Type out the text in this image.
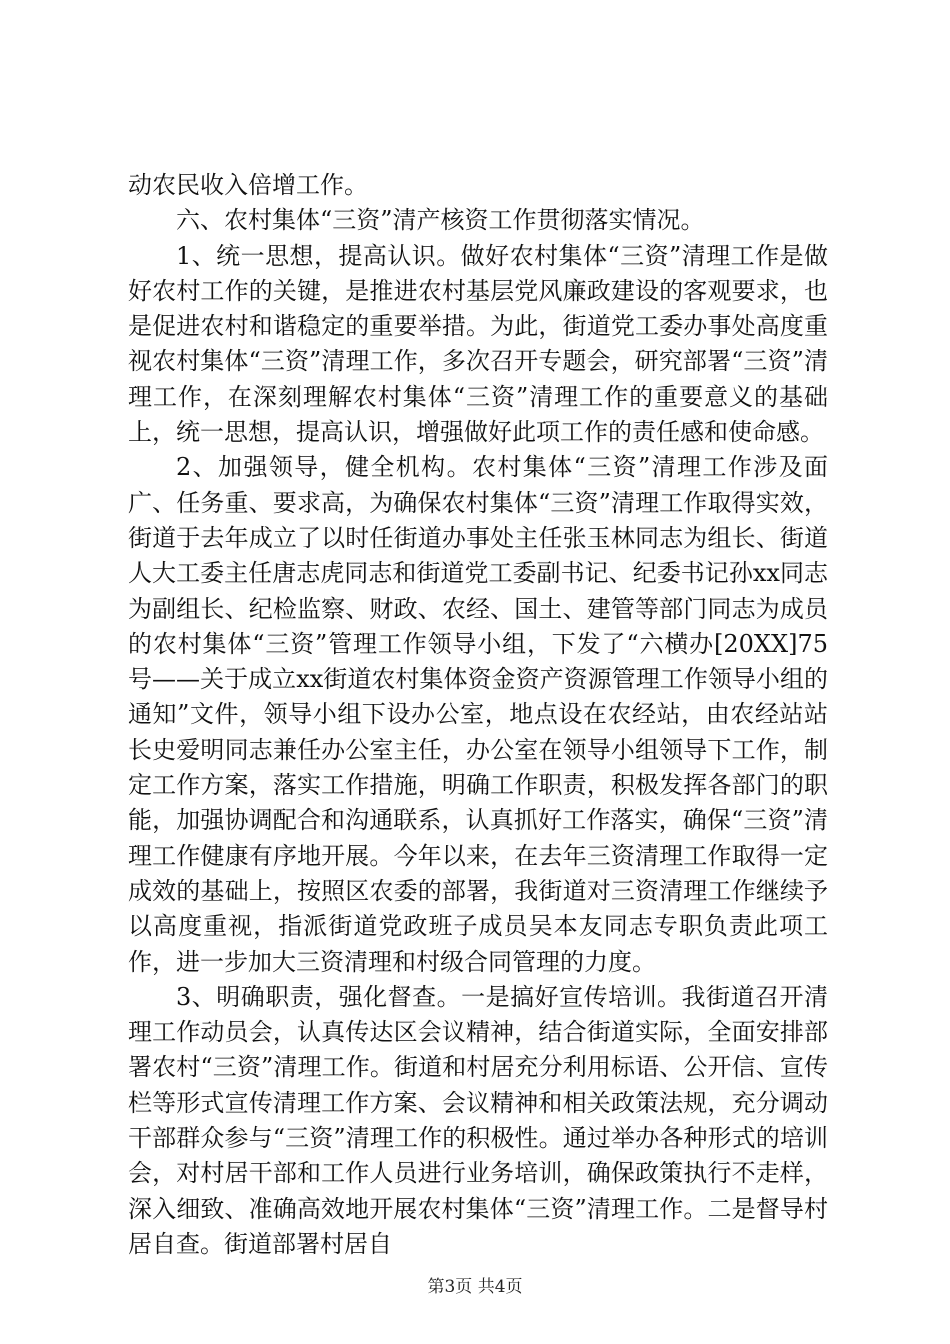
动农民收入倍增工作。

六、农村集体“三资”清产核资工作贯彻落实情况。

1、统一思想，提高认识。做好农村集体“三资”清理工作是做好农村工作的关键，是推进农村基层党风廉政建设的客观要求，也是促进农村和谐稳定的重要举措。为此，街道党工委办事处高度重视农村集体“三资”清理工作，多次召开专题会，研究部署“三资”清理工作，在深刻理解农村集体“三资”清理工作的重要意义的基础上，统一思想，提高认识，增强做好此项工作的责任感和使命感。

2、加强领导，健全机构。农村集体“三资”清理工作涉及面广、任务重、要求高，为确保农村集体“三资”清理工作取得实效，街道于去年成立了以时任街道办事处主任张玉林同志为组长、街道人大工委主任唐志虎同志和街道党工委副书记、纪委书记孙xx同志为副组长、纪检监察、财政、农经、国土、建管等部门同志为成员的农村集体“三资”管理工作领导小组，下发了“六横办[20XX]75号——关于成立xx街道农村集体资金资产资源管理工作领导小组的通知”文件，领导小组下设办公室，地点设在农经站，由农经站站长史爱明同志兼任办公室主任，办公室在领导小组领导下工作，制定工作方案，落实工作措施，明确工作职责，积极发挥各部门的职能，加强协调配合和沟通联系，认真抓好工作落实，确保“三资”清理工作健康有序地开展。今年以来，在去年三资清理工作取得一定成效的基础上，按照区农委的部署，我街道对三资清理工作继续予以高度重视，指派街道党政班子成员吴本友同志专职负责此项工作，进一步加大三资清理和村级合同管理的力度。

3、明确职责，强化督查。一是搞好宣传培训。我街道召开清理工作动员会，认真传达区会议精神，结合街道实际，全面安排部署农村“三资”清理工作。街道和村居充分利用标语、公开信、宣传栏等形式宣传清理工作方案、会议精神和相关政策法规，充分调动干部群众参与“三资”清理工作的积极性。通过举办各种形式的培训会，对村居干部和工作人员进行业务培训，确保政策执行不走样，深入细致、准确高效地开展农村集体“三资”清理工作。二是督导村居自查。街道部署村居自

第3页 共4页
